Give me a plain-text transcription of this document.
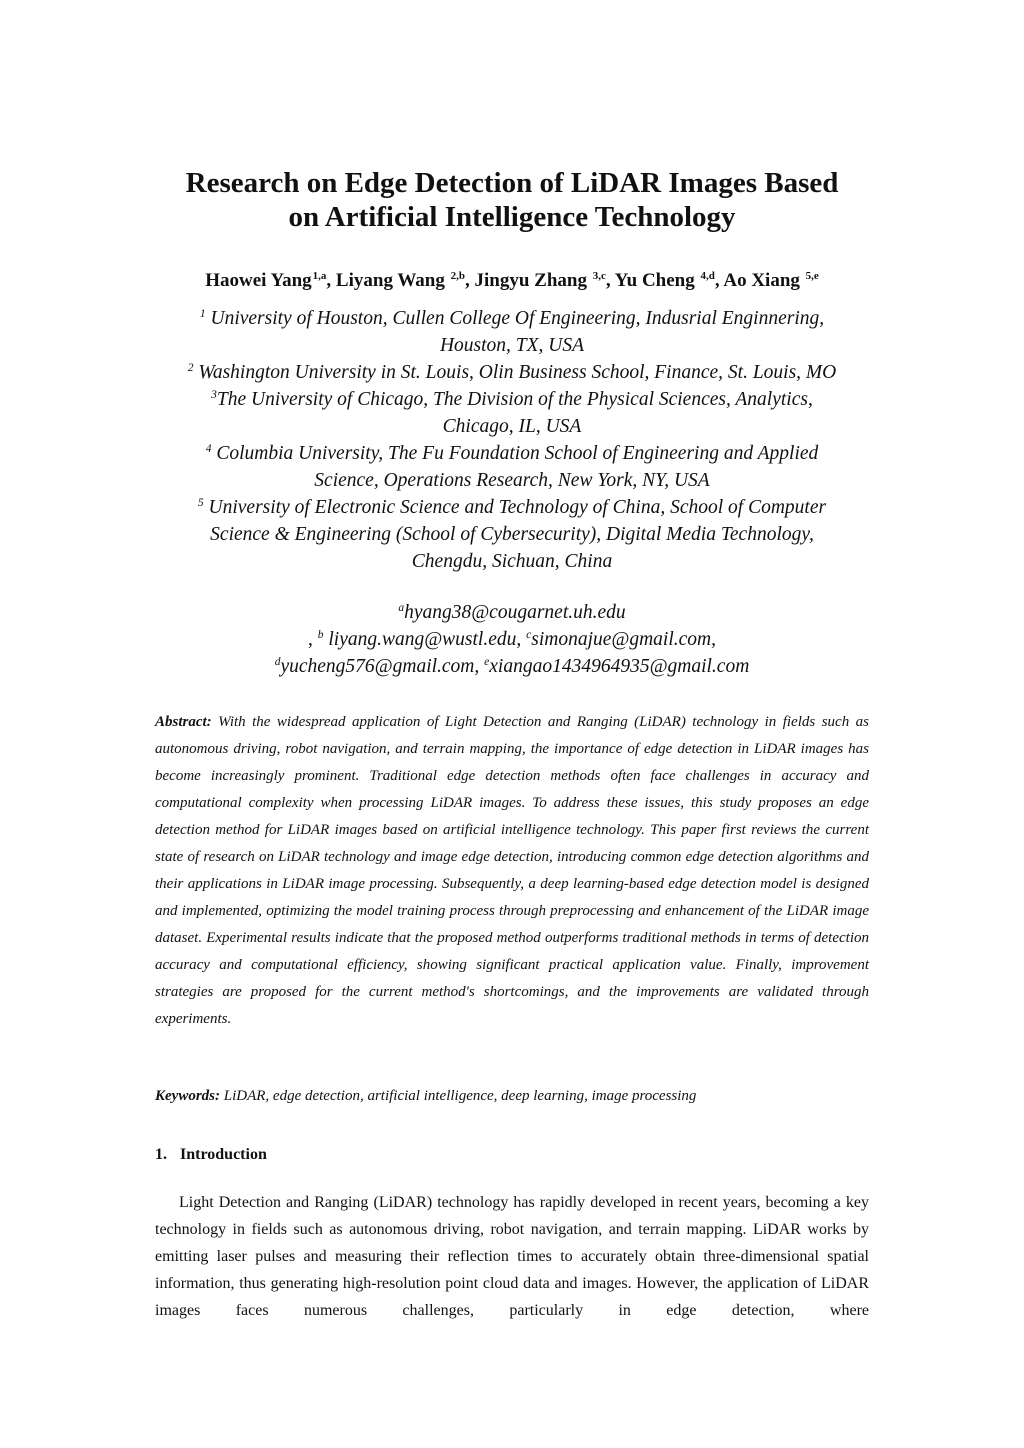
Research on Edge Detection of LiDAR Images Based
on Artificial Intelligence Technology
Haowei Yang$^{1,a}$, Liyang Wang $^{2,b}$, Jingyu Zhang $^{3,c}$, Yu Cheng $^{4,d}$, Ao Xiang $^{5,e}$
$^1$ University of Houston, Cullen College Of Engineering, Indusrial Enginnering,
Houston, TX, USA
$^2$ Washington University in St. Louis, Olin Business School, Finance, St. Louis, MO
$^3$The University of Chicago, The Division of the Physical Sciences, Analytics,
Chicago, IL, USA
$^4$ Columbia University, The Fu Foundation School of Engineering and Applied
Science, Operations Research, New York, NY, USA
$^5$ University of Electronic Science and Technology of China, School of Computer
Science & Engineering (School of Cybersecurity), Digital Media Technology,
Chengdu, Sichuan, China
$^a$hyang38@cougarnet.uh.edu
, $^b$ liyang.wang@wustl.edu, $^c$simonajue@gmail.com,
$^d$yucheng576@gmail.com, $^e$xiangao1434964935@gmail.com

Abstract: With the widespread application of Light Detection and Ranging (LiDAR) technology in fields such as autonomous driving, robot navigation, and terrain mapping, the importance of edge detection in LiDAR images has become increasingly prominent. Traditional edge detection methods often face challenges in accuracy and computational complexity when processing LiDAR images. To address these issues, this study proposes an edge detection method for LiDAR images based on artificial intelligence technology. This paper first reviews the current state of research on LiDAR technology and image edge detection, introducing common edge detection algorithms and their applications in LiDAR image processing. Subsequently, a deep learning-based edge detection model is designed and implemented, optimizing the model training process through preprocessing and enhancement of the LiDAR image dataset. Experimental results indicate that the proposed method outperforms traditional methods in terms of detection accuracy and computational efficiency, showing significant practical application value. Finally, improvement strategies are proposed for the current method's shortcomings, and the improvements are validated through experiments.

Keywords: LiDAR, edge detection, artificial intelligence, deep learning, image processing
1. Introduction

Light Detection and Ranging (LiDAR) technology has rapidly developed in recent years, becoming a key technology in fields such as autonomous driving, robot navigation, and terrain mapping. LiDAR works by emitting laser pulses and measuring their reflection times to accurately obtain three-dimensional spatial information, thus generating high-resolution point cloud data and images. However, the application of LiDAR images faces numerous challenges, particularly in edge detection, where
